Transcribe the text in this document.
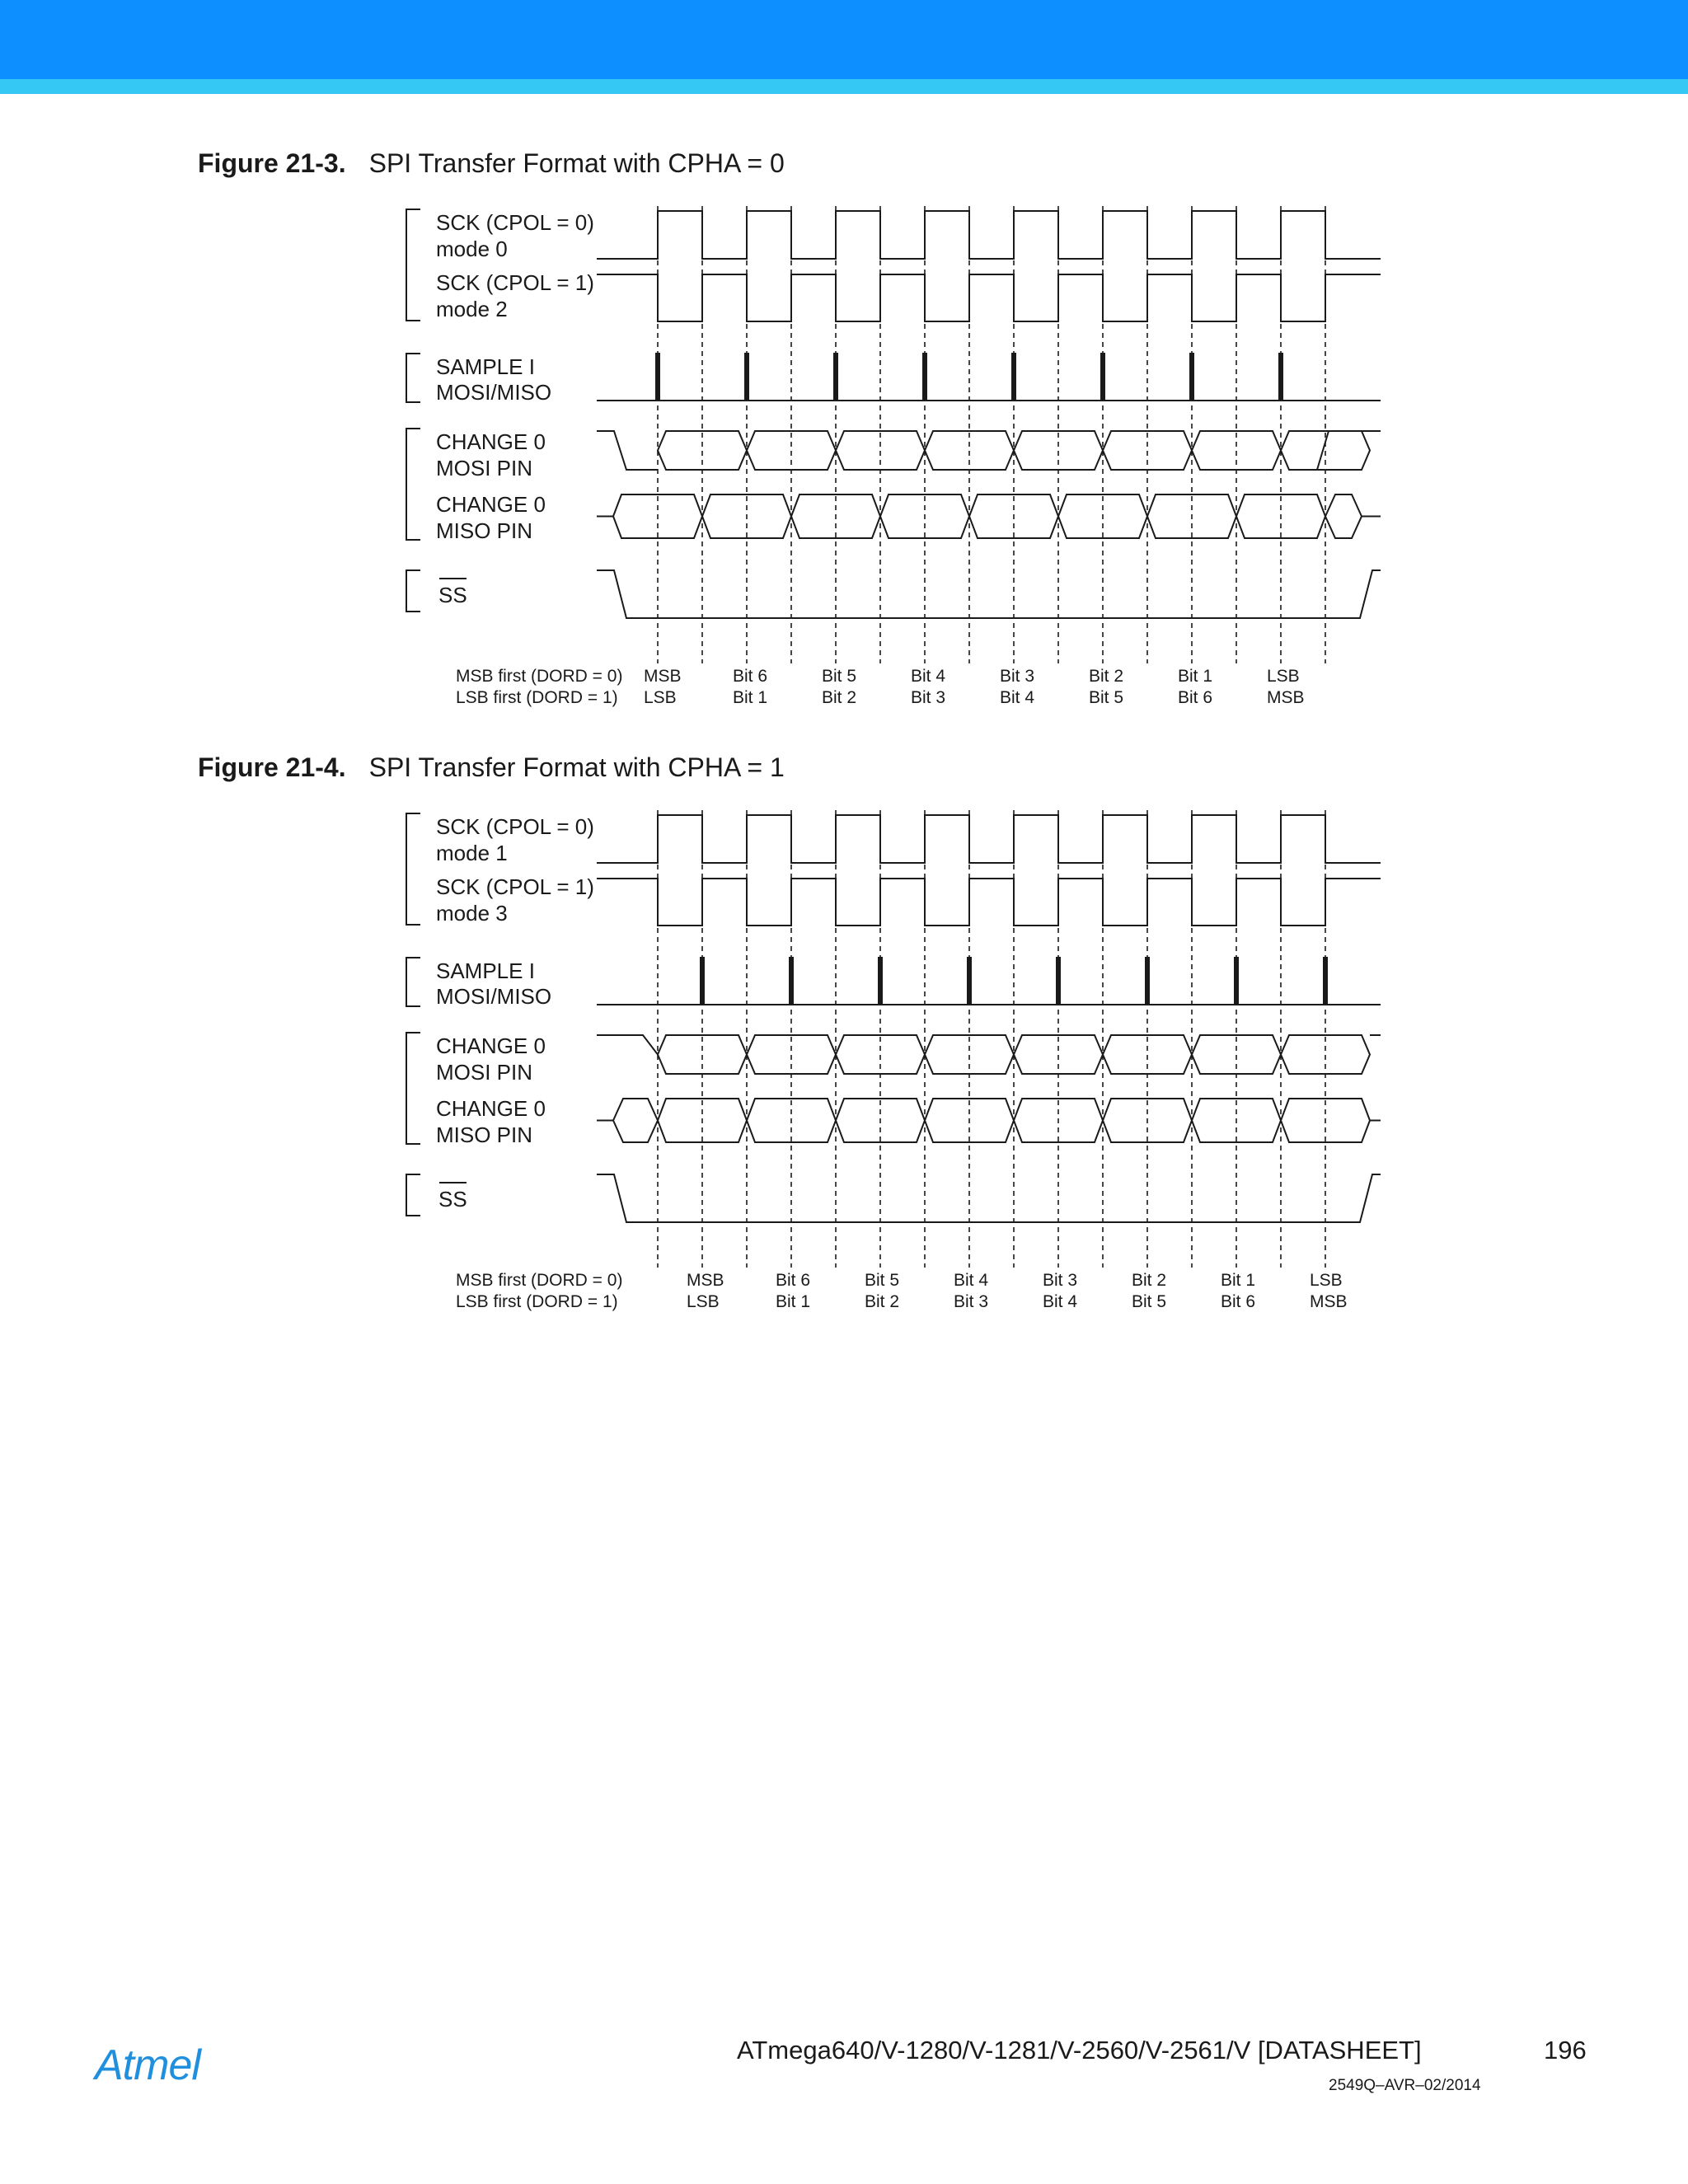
Figure 21-3. SPI Transfer Format with CPHA = 0
SCK (CPOL = 0)
mode 0
SCK (CPOL = 1)
mode 2
SAMPLE I
MOSI/MISO
CHANGE 0
MOSI PIN
CHANGE 0
MISO PIN
SS
MSB first (DORD = 0)
LSB first (DORD = 1)
MSB	Bit 6	Bit 5	Bit 4	Bit 3	Bit 2	Bit 1	LSB
LSB	Bit 1	Bit 2	Bit 3	Bit 4	Bit 5	Bit 6	MSB
Figure 21-4. SPI Transfer Format with CPHA = 1
SCK (CPOL = 0)
mode 1
SCK (CPOL = 1)
mode 3
SAMPLE I
MOSI/MISO
CHANGE 0
MOSI PIN
CHANGE 0
MISO PIN
SS
MSB first (DORD = 0)
LSB first (DORD = 1)
MSB	Bit 6	Bit 5	Bit 4	Bit 3	Bit 2	Bit 1	LSB
LSB	Bit 1	Bit 2	Bit 3	Bit 4	Bit 5	Bit 6	MSB
Atmel	ATmega640/V-1280/V-1281/V-2560/V-2561/V [DATASHEET]	196
2549Q–AVR–02/2014
